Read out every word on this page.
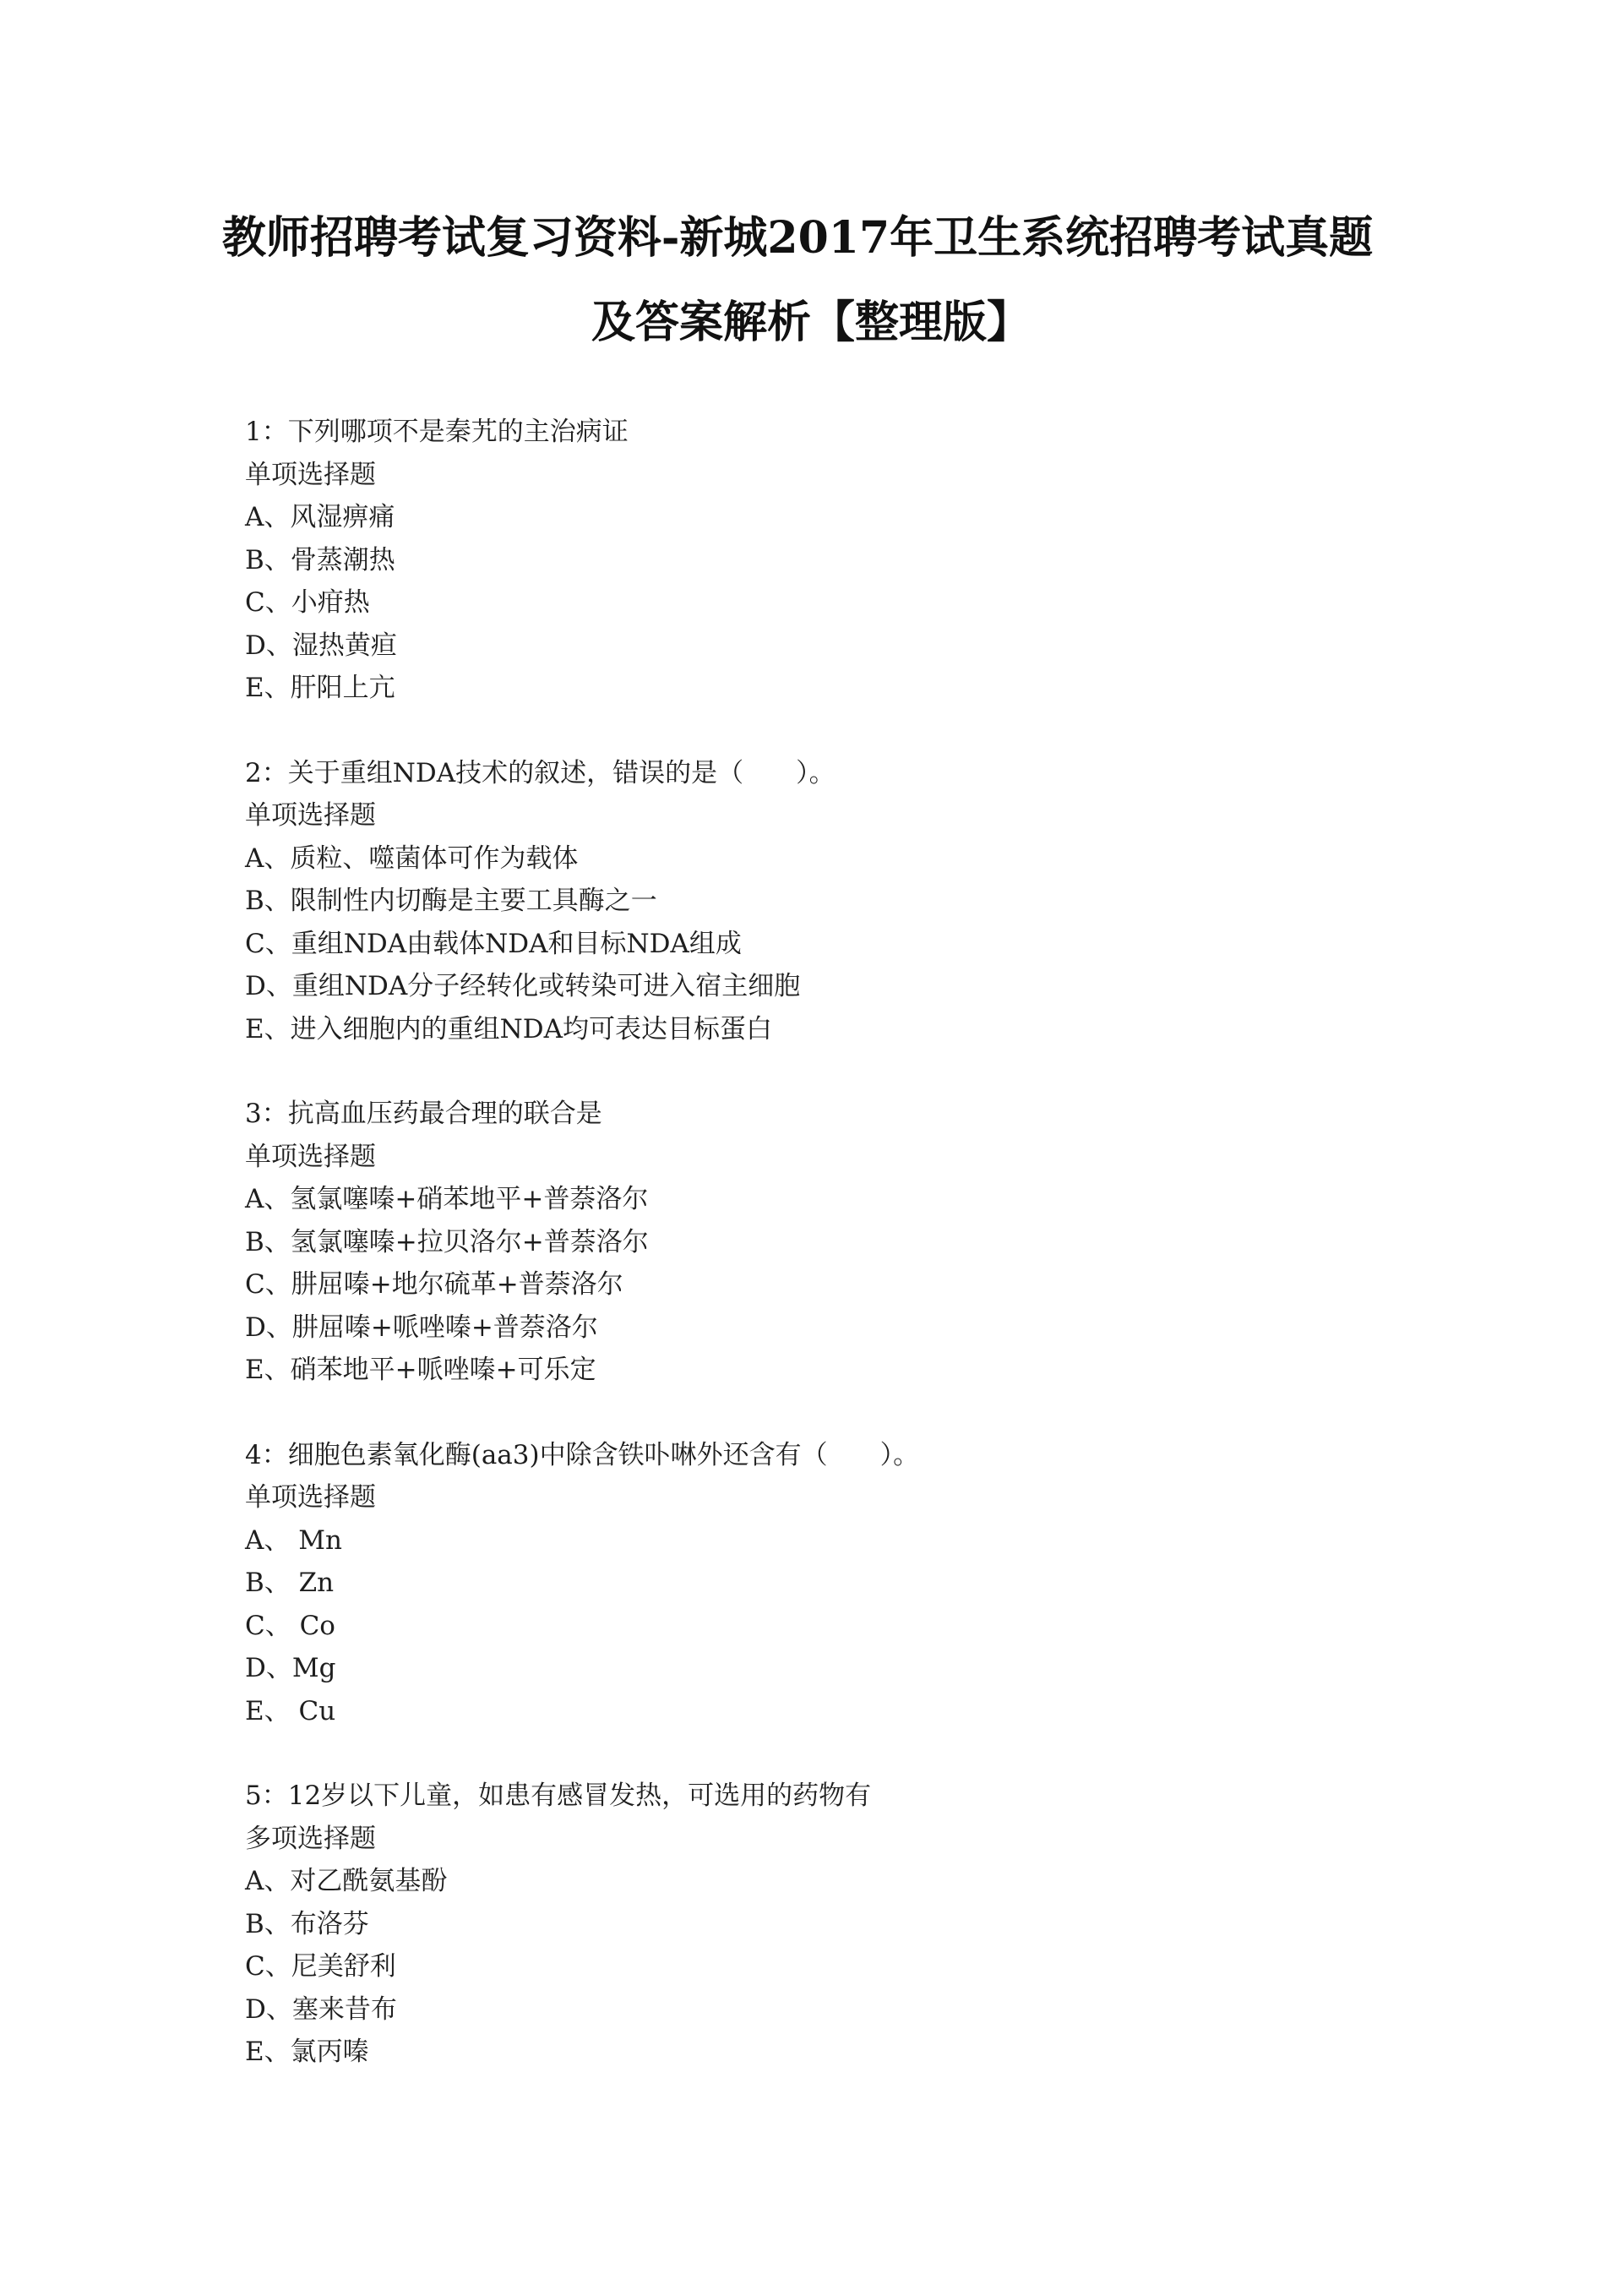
教师招聘考试复习资料-新城2017年卫生系统招聘考试真题
及答案解析【整理版】
1：下列哪项不是秦艽的主治病证
单项选择题
A、风湿痹痛
B、骨蒸潮热
C、小疳热
D、湿热黄疸
E、肝阳上亢
2：关于重组NDA技术的叙述，错误的是（　　）。
单项选择题
A、质粒、噬菌体可作为载体
B、限制性内切酶是主要工具酶之一
C、重组NDA由载体NDA和目标NDA组成
D、重组NDA分子经转化或转染可进入宿主细胞
E、进入细胞内的重组NDA均可表达目标蛋白
3：抗高血压药最合理的联合是
单项选择题
A、氢氯噻嗪+硝苯地平+普萘洛尔
B、氢氯噻嗪+拉贝洛尔+普萘洛尔
C、肼屈嗪+地尔硫革+普萘洛尔
D、肼屈嗪+哌唑嗪+普萘洛尔
E、硝苯地平+哌唑嗪+可乐定
4：细胞色素氧化酶(aa3)中除含铁卟啉外还含有（　　）。
单项选择题
A、 Mn
B、 Zn
C、 Co
D、Mg
E、 Cu
5：12岁以下儿童，如患有感冒发热，可选用的药物有
多项选择题
A、对乙酰氨基酚
B、布洛芬
C、尼美舒利
D、塞来昔布
E、氯丙嗪
